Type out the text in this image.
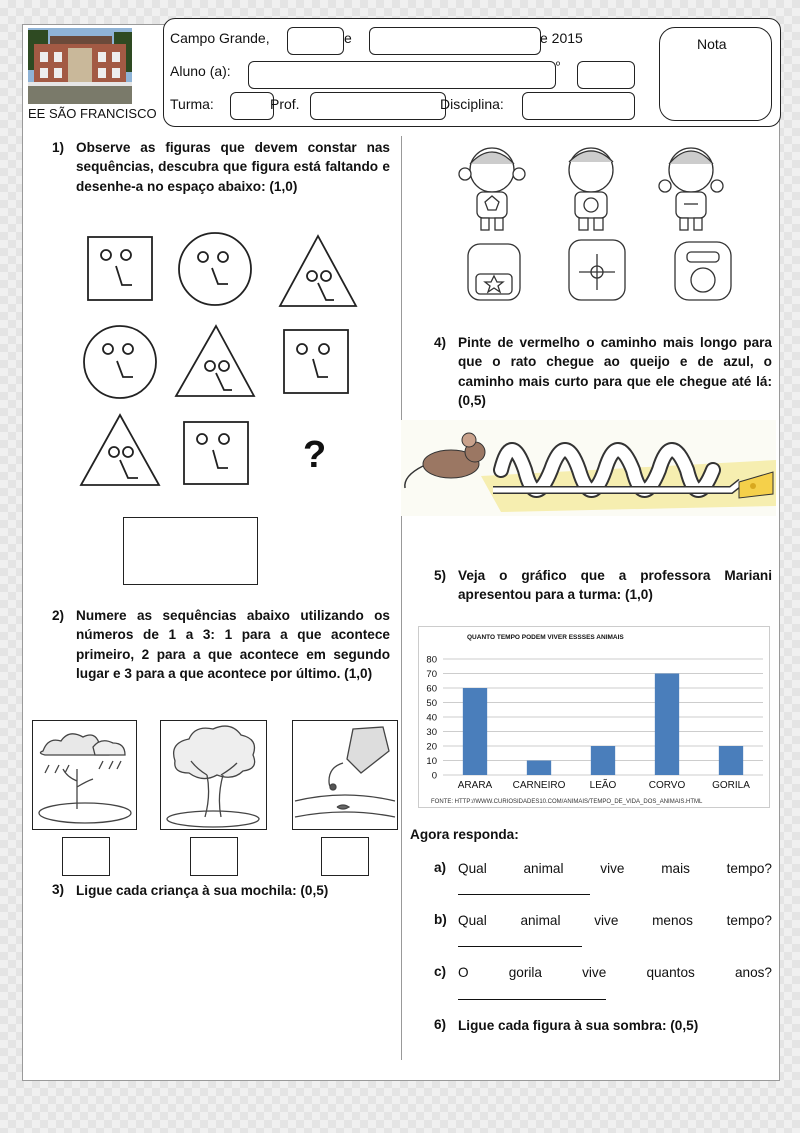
EE SÃO FRANCISCO
Campo Grande,	e	e 2015
Aluno (a):	º
Turma:	Prof.	Disciplina:
Nota
1) Observe as figuras que devem constar nas sequências, descubra que figura está faltando e desenhe-a no espaço abaixo: (1,0)
?
2) Numere as sequências abaixo utilizando os números de 1 a 3: 1 para a que acontece primeiro, 2 para a que acontece em segundo lugar e 3 para a que acontece por último. (1,0)
3) Ligue cada criança à sua mochila: (0,5)
4) Pinte de vermelho o caminho mais longo para que o rato chegue ao queijo e de azul, o caminho mais curto para que ele chegue até lá: (0,5)
5) Veja o gráfico que a professora Mariani apresentou para a turma: (1,0)
QUANTO TEMPO PODEM VIVER ESSSES ANIMAIS
0
10
20
30
40
50
60
70
80
ARARA CARNEIRO LEÃO	CORVO	GORILA
FONTE: HTTP://WWW.CURIOSIDADES10.COM/ANIMAIS/TEMPO_DE_VIDA_DOS_ANIMAIS.HTML
Agora responda:
a) Qual	animal	vive	mais	tempo?
b) Qual animal vive menos tempo?
c) O	gorila	vive	quantos	anos?
6) Ligue cada figura à sua sombra: (0,5)
